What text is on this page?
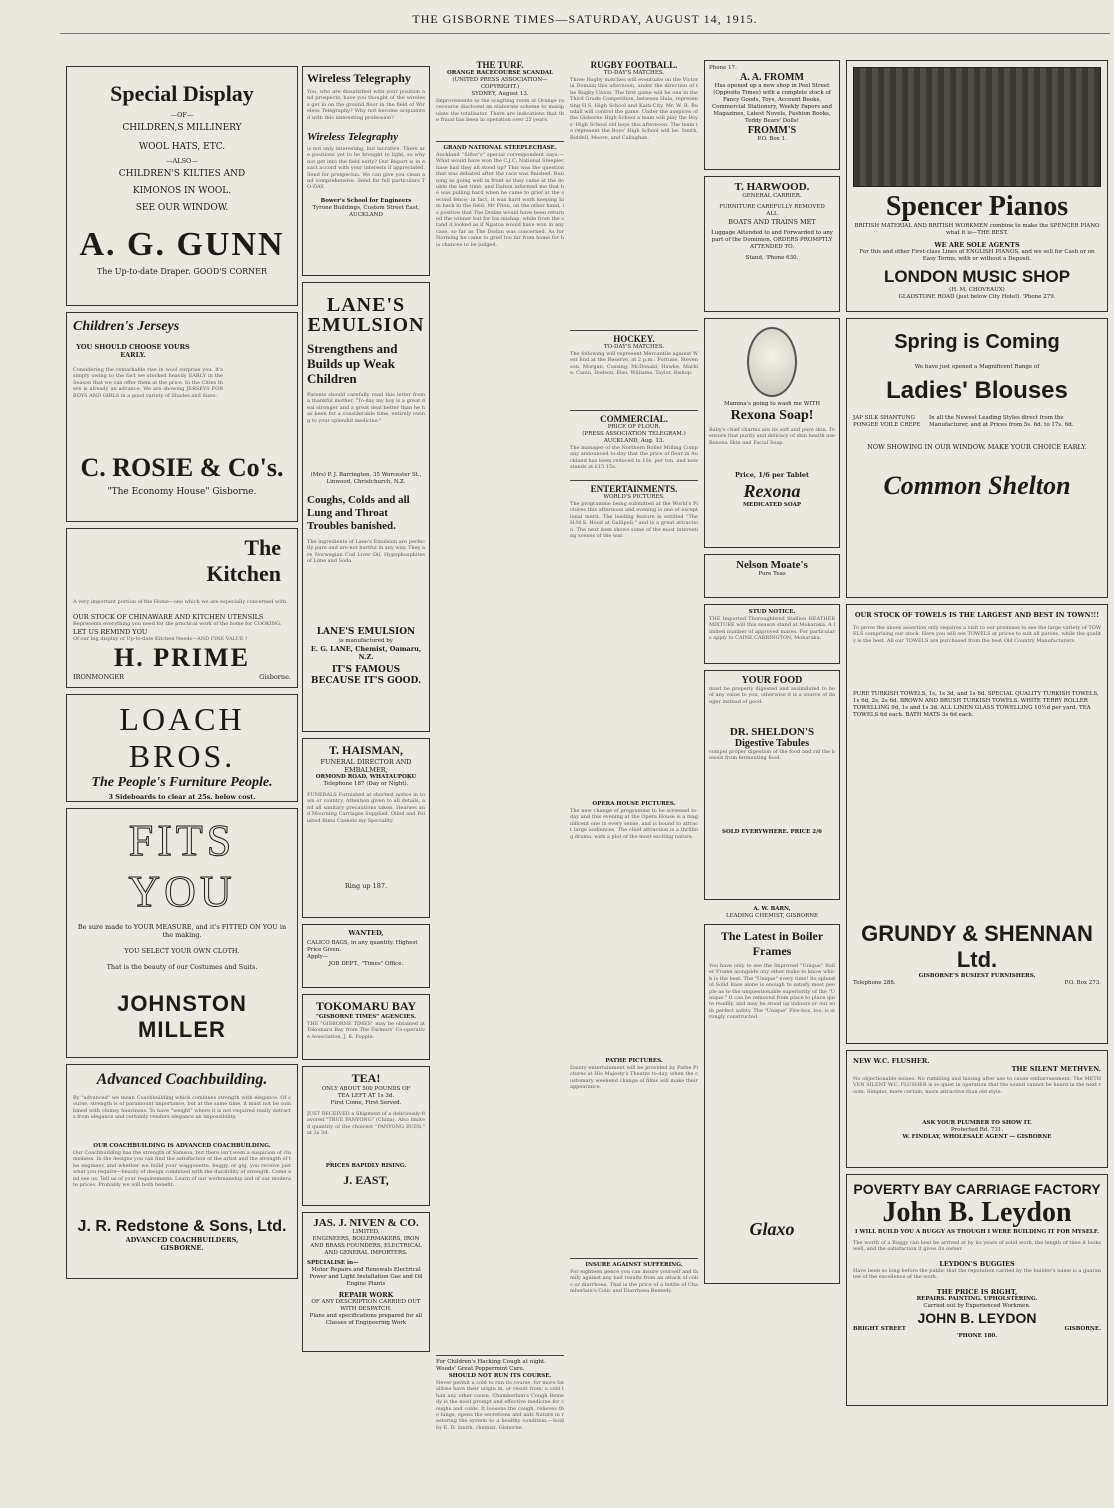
THE GISBORNE TIMES—SATURDAY, AUGUST 14, 1915.
Special Display
—OF—
CHILDREN,S MILLINERY
WOOL HATS, ETC.
—ALSO—
CHILDREN'S KILTIES AND
KIMONOS IN WOOL.
SEE OUR WINDOW.
A. G. GUNN
The Up-to-date Draper. GOOD'S CORNER
Children's Jerseys
YOU SHOULD CHOOSE YOURS EARLY.
Considering the remarkable rise in wool surprise you. It's simply owing to the fact we stocked heavily EARLY in the Season that we can offer them at the price. In the Cities there is already an advance. We are showing JERSEYS FOR BOYS AND GIRLS in a good variety of Shades and Sizes.
C. ROSIE & Co's.
"The Economy House" Gisborne.
The
Kitchen
A very important portion of the Home—one which we are especially concerned with.
OUR STOCK OF CHINAWARE AND KITCHEN UTENSILS
Represents everything you need for the practical work of the home for COOKING.
LET US REMIND YOU
Of our big display of Up-to-date Kitchen Needs—AND FINE VALUE !
H. PRIME
IRONMONGER	Gisborne.
LOACH BROS.
The People's Furniture People.
3 Sideboards to clear at 25s. below cost.
FITS YOU
Be sure made to YOUR MEASURE, and it's FITTED ON YOU in the making.
YOU SELECT YOUR OWN CLOTH.
That is the beauty of our Costumes and Suits.
JOHNSTON MILLER
Advanced Coachbuilding.
By "advanced" we mean Coachbuilding which combines strength with elegance. Of course, strength is of paramount importance, but at the same time, it must not be combined with clumsy heaviness. To have "weight" where it is not required really detracts from elegance and certainly renders elegance an impossibility.
OUR COACHBUILDING IS ADVANCED COACHBUILDING.
Our Coachbuilding has the strength of Samson, but there isn't even a suspicion of clumsiness. In the designs you can find the satisfaction of the artist and the strength of the engineer, and whether we build your waggonette, buggy, or gig, you receive just what you require—beauty of design combined with the durability of strength. Come and see us. Tell us of your requirements. Learn of our workmanship and of our moderate prices. Probably we will both benefit.
J. R. Redstone & Sons, Ltd.
ADVANCED COACHBUILDERS,
GISBORNE.
Wireless Telegraphy
You, who are dissatisfied with your position and prospects, have you thought of the wireless get in on the ground floor in the field of Wireless Telegraphy? Why not become acquainted with this interesting profession?
Wireless Telegraphy
is not only interesting, but lucrative. There are positions yet to be brought to light, so why not get into the field early? Our Report is in exact accord with your interests if appreciated. Send for prospectus. We can give you clean and comprehensive. Send for full particulars TO-DAY.
Bower's School for Engineers
Tyrone Buildings, Custom Street East, AUCKLAND
LANE'S EMULSION
Strengthens and Builds up Weak Children
Parents should carefully read this letter from a thankful mother. "To-day my boy is a great deal stronger and a great deal better than he has been for a considerable time, entirely owing to your splendid medicine."
(Mrs) P. J. Barrington, 35 Worcester St., Linwood, Christchurch, N.Z.
Coughs, Colds and all Lung and Throat Troubles banished.
The ingredients of Lane's Emulsion are perfectly pure and are not hurtful in any way. They are Norwegian Cod Liver Oil, Hypophosphites of Lime and Soda.
LANE'S EMULSION
is manufactured by
E. G. LANE, Chemist, Oamaru, N.Z.
IT'S FAMOUS BECAUSE IT'S GOOD.
T. HAISMAN,
FUNERAL DIRECTOR AND
EMBALMER,
ORMOND ROAD, WHATAUPOKU
Telephone 187 (Day or Night).
FUNERALS Furnished at shortest notice in town or country. Attention given to all details, and all sanitary precautions taken. Hearses and Mourning Carriages Supplied. Oiled and Polished Rimu Caskets my Speciality.
Ring up 187.
WANTED,
CALICO BAGS, in any quantity. Highest Price Given.
Apply—
JOB DEPT., "Times" Office.
TOKOMARU BAY
"GISBORNE TIMES" AGENCIES.
THE "GISBORNE TIMES" may be obtained at Tokomaru Bay from The Farmers' Co-operative Association, J. K. Popple.
TEA!
ONLY ABOUT 500 POUNDS OF
TEA LEFT AT 1s 3d.
First Come, First Served.
JUST RECEIVED a Shipment of a deliciously-flavored "TRUE PANYONG" (China). Also limited quantity of the choicest "PANYONG BUDS," at 2s 3d.
PRICES RAPIDLY RISING.
J. EAST,
JAS. J. NIVEN & CO.
LIMITED,
ENGINEERS, BOILERMAKERS, IRON AND BRASS FOUNDERS, ELECTRICAL AND GENERAL IMPORTERS.
SPECIALISE in—
Motor Repairs and Renewals Electrical Power and Light Installation Gas and Oil Engine Plants
REPAIR WORK
OF ANY DESCRIPTION CARRIED OUT WITH DESPATCH.
Plans and specifications prepared for all Classes of Engineering Work
THE TURF.
ORANGE RACECOURSE SCANDAL
(UNITED PRESS ASSOCIATION—COPYRIGHT.)
SYDNEY, August 13.
Improvements to the scagiting room at Orange racecourse disclosed an elaborate scheme to manipulate the totalisator. There are indications that the fraud has been in operation over 25 years.
GRAND NATIONAL STEEPLECHASE.
Auckland "Sifter's" special correspondent says:—What would have won the C.J.C. National Steeplechase had they all stood up? This was the question that was debated after the race was finished. Running as going well in front as they came at the double the last time, and Dalton informed me that he was pulling hard when he came to grief at the second fence; in fact, it was hard work keeping him back in the field. Mr Flinn, on the other hand, is positive that The Dodan would have been returned the winner but for his mishap, while from the stand it looked as if Ngatoa would have won in any case, so far as The Dodan was concerned. As for Norming he came to grief too far from home for his chances to be judged.
For Children's Hacking Cough at night. Woods' Great Peppermint Cure.
SHOULD NOT RUN ITS COURSE.
Never permit a cold to run its course, for more fatalities have their origin in, or result from, a cold than any other cause. Chamberlain's Cough Remedy is the most prompt and effective medicine for coughs and colds. It loosens the cough, relieves the lungs, opens the secretions and aids Nature in restoring the system to a healthy condition.—Sold by E. D. Smith, chemist, Gisborne.
RUGBY FOOTBALL.
TO-DAY'S MATCHES.
Three Rugby matches will eventuate on the Victoria Domain this afternoon, under the direction of the Rugby Union. The first game will be one in the Third Grade Competition, between Huia, representing H.S. High School and Kaiti-City. Mr. W. R. Bundall will control the game. Under the auspices of the Gisborne High School a team will play the Boys' High School old boys this afternoon. The team to represent the Boys' High School will be: Smith, Riddell, Moore, and Callaghan.
HOCKEY.
TO-DAY'S MATCHES.
The following will represent Mercantile against West End at the Reserve, at 2 p.m.: Fortune, Stevenson, Morgan, Cussing, McDonald, Hawke, Markie, Canin, Dodson, Elso, Williams, Taylor, Bishop.
COMMERCIAL.
PRICE OF FLOUR.
(PRESS ASSOCIATION TELEGRAM.)
AUCKLAND, Aug. 13.
The manager of the Northern Roller Milling Company announced to-day that the price of flour in Auckland has been reduced to 10s. per ton, and now stands at £15 15s.
ENTERTAINMENTS.
WORLD'S PICTURES.
The programme being submitted at the World's Pictures this afternoon and evening is one of exceptional merit. The leading feature is entitled "The H.M.S. Hood at Gallipoli," and is a great attraction. The next item shows some of the most interesting scenes of the war.
OPERA HOUSE PICTURES.
The new change of programme to be screened to-day and this evening at the Opera House is a magnificent one in every sense, and is bound to attract large audiences. The chief attraction is a thrilling drama, with a plot of the most exciting nature.
PATHE PICTURES.
Dainty entertainment will be provided by Pathe Pictures at His Majesty's Theatre to-day, when the customary weekend change of films will make their appearance.
INSURE AGAINST SUFFERING.
For eighteen pence you can insure yourself and family against any bad results from an attack of colic or diarrhoea. That is the price of a bottle of Chamberlain's Colic and Diarrhoea Remedy.
Phone 17.
A. A. FROMM
Has opened up a new shop in Peel Street (Opposite Times) with a complete stock of Fancy Goods, Toys, Account Books, Commercial Stationery, Weekly Papers and Magazines, Latest Novels, Fashion Books, Teddy Bears' Dolls!
FROMM'S
P.O. Box 1.
T. HARWOOD.
GENERAL CARRIER.
FURNITURE CAREFULLY REMOVED
ALL
BOATS AND TRAINS MET
Luggage Attended to and Forwarded to any part of the Dominion. ORDERS PROMPTLY ATTENDED TO.
Stand, 'Phone 630.
Mamma's going to wash me WITH
Rexona Soap!
Baby's chief charms are its soft and pure skin. To ensure that purity and delicacy of skin health use Rexona Skin and Facial Soap.
Price, 1/6 per Tablet
Rexona
MEDICATED SOAP
Nelson Moate's
Pure Teas
STUD NOTICE.
THE Imported Thoroughbred Stallion HEATHER MIXTURE will this season stand at Mokaraka. A limited number of approved mares. For particulars apply to CAINE CARRINGTON, Mokaraka.
YOUR FOOD
must be properly digested and assimilated to be of any value to you, otherwise it is a source of danger instead of good.
DR. SHELDON'S
Digestive Tabules
compel proper digestion of the food and rid the bowels from fermenting food.
SOLD EVERYWHERE. PRICE 2/6
A. W. BARN,
LEADING CHEMIST, GISBORNE
The Latest in Boiler Frames
You have only to see the Improved "Unique" Boiler Frame alongside any other make to know which is the best. The "Unique" every time! Its splendid Solid Base alone is enough to satisfy most people as to the unquestionable superiority of the "Unique." It can be removed from place to place quite readily, and may be stood up indoors or out with perfect safety. The "Unique" Fire-box, too, is strongly constructed.
Glaxo
Spencer Pianos
BRITISH MATERIAL AND BRITISH WORKMEN combine to make the SPENCER PIANO what it is—THE BEST.
WE ARE SOLE AGENTS
For this and other First-class Lines of ENGLISH PIANOS, and we sell for Cash or on Easy Terms, with or without a Deposit.
LONDON MUSIC SHOP
(H. M. CHOVEAUX)
GLADSTONE ROAD (just below City Hotel). 'Phone 279.
Spring is Coming
We have just opened a Magnificent Range of
Ladies' Blouses
JAP SILK SHANTUNG PONGEE VOILE CREPE
In all the Newest Leading Styles direct from the Manufacturer, and at Prices from 5s. 6d. to 17s. 6d.
NOW SHOWING IN OUR WINDOW. MAKE YOUR CHOICE EARLY.
Common Shelton
OUR STOCK OF TOWELS IS THE LARGEST AND BEST IN TOWN!!!
To prove the above assertion only requires a visit to our premises to see the large variety of TOWELS comprising our stock. Here you will see TOWELS at prices to suit all purses, while the quality is the best. All our TOWELS are purchased from the best Old Country Manufacturers.
PURE TURKISH TOWELS, 1s, 1s 3d, and 1s 6d. SPECIAL QUALITY TURKISH TOWELS, 1s 6d, 2s, 2s 6d. BROWN AND BRUSH TURKISH TOWELS. WHITE TERRY ROLLER TOWELLING 9d, 1s and 1s 3d. ALL LINEN GLASS TOWELLING 10½d per yard. TEA TOWELS 6d each. BATH MATS 3s 6d each.
GRUNDY & SHENNAN Ltd.
GISBORNE'S BUSIEST FURNISHERS,
Telephone 288.	P.O. Box 273.
NEW W.C. FLUSHER.
THE SILENT METHVEN.
No objectionable noises. No rumbling and hissing after use to cause embarrassment. The METHVEN SILENT W.C. FLUSHER is so quiet in operation that the sound cannot be heard in the next room. Simpler, more certain, more attractive than old style.
ASK YOUR PLUMBER TO SHOW IT.
Protected Rd. 731.
W. FINDLAY, WHOLESALE AGENT — GISBORNE
POVERTY BAY CARRIAGE FACTORY
John B. Leydon
I WILL BUILD YOU A BUGGY AS THOUGH I WERE BUILDING IT FOR MYSELF.
The worth of a Buggy can best be arrived at by its years of solid work, the length of time it looks well, and the satisfaction it gives its owner.
LEYDON'S BUGGIES
Have been so long before the public that the reputation carried by the builder's name is a guarantee of the excellence of the work.
THE PRICE IS RIGHT,
REPAIRS. PAINTING. UPHOLSTERING.
Carried out by Experienced Workmen.
JOHN B. LEYDON
BRIGHT STREET	GISBORNE.
'PHONE 180.
